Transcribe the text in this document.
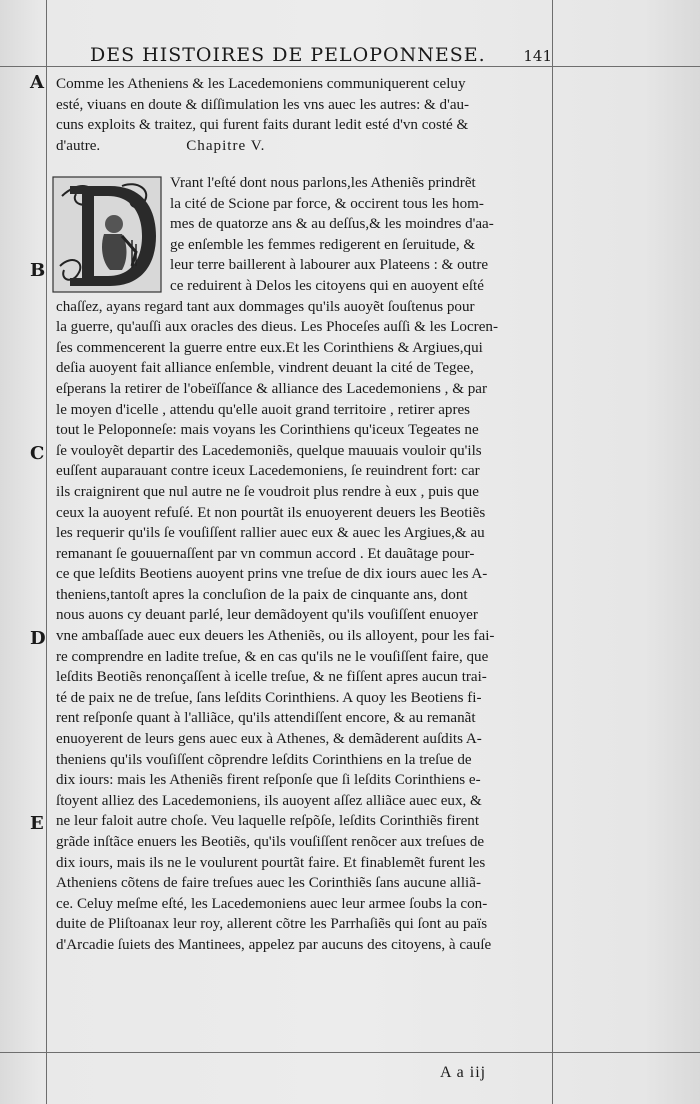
DES HISTOIRES DE PELOPONNESE.	141
A
B
C
D
E
Comme les Atheniens & les Lacedemoniens communiquerent celuy
esté, viuans en doute & diſſimulation les vns auec les autres: & d'au-
cuns exploits & traitez, qui furent faits durant ledit esté d'vn costé &
d'autre.	Chapitre V.
Vrant l'eſté dont nous parlons,les Atheniẽs prindrẽt
la cité de Scione par force, & occirent tous les hom-
mes de quatorze ans & au deſſus,& les moindres d'aa-
ge enſemble les femmes redigerent en ſeruitude, &
leur terre baillerent à labourer aux Plateens : & outre
ce reduirent à Delos les citoyens qui en auoyent eſté
chaſſez, ayans regard tant aux dommages qu'ils auoyẽt ſouſtenus pour
la guerre, qu'auſſi aux oracles des dieus. Les Phoceſes auſſi & les Locren-
ſes commencerent la guerre entre eux.Et les Corinthiens & Argiues,qui
deſia auoyent fait alliance enſemble, vindrent deuant la cité de Tegee,
eſperans la retirer de l'obeïſſance & alliance des Lacedemoniens , & par
le moyen d'icelle , attendu qu'elle auoit grand territoire , retirer apres
tout le Peloponneſe: mais voyans les Corinthiens qu'iceux Tegeates ne
ſe vouloyẽt departir des Lacedemoniẽs, quelque mauuais vouloir qu'ils
euſſent auparauant contre iceux Lacedemoniens, ſe reuindrent fort: car
ils craignirent que nul autre ne ſe voudroit plus rendre à eux , puis que
ceux la auoyent refuſé. Et non pourtãt ils enuoyerent deuers les Beotiẽs
les requerir qu'ils ſe vouſiſſent rallier auec eux & auec les Argiues,& au
remanant ſe gouuernaſſent par vn commun accord . Et dauãtage pour-
ce que leſdits Beotiens auoyent prins vne treſue de dix iours auec les A-
theniens,tantoſt apres la concluſion de la paix de cinquante ans, dont
nous auons cy deuant parlé, leur demãdoyent qu'ils vouſiſſent enuoyer
vne ambaſſade auec eux deuers les Atheniẽs, ou ils alloyent, pour les fai-
re comprendre en ladite treſue, & en cas qu'ils ne le vouſiſſent faire, que
leſdits Beotiẽs renonçaſſent à icelle treſue, & ne fiſſent apres aucun trai-
té de paix ne de treſue, ſans leſdits Corinthiens. A quoy les Beotiens fi-
rent reſponſe quant à l'alliãce, qu'ils attendiſſent encore, & au remanãt
enuoyerent de leurs gens auec eux à Athenes, & demãderent auſdits A-
theniens qu'ils vouſiſſent cõprendre leſdits Corinthiens en la treſue de
dix iours: mais les Atheniẽs firent reſponſe que ſi leſdits Corinthiens e-
ſtoyent alliez des Lacedemoniens, ils auoyent aſſez alliãce auec eux, &
ne leur faloit autre choſe. Veu laquelle reſpõſe, leſdits Corinthiẽs firent
grãde inſtãce enuers les Beotiẽs, qu'ils vouſiſſent renõcer aux treſues de
dix iours, mais ils ne le voulurent pourtãt faire. Et finablemẽt furent les
Atheniens cõtens de faire treſues auec les Corinthiẽs ſans aucune alliã-
ce. Celuy meſme eſté, les Lacedemoniens auec leur armee ſoubs la con-
duite de Pliſtoanax leur roy, allerent cõtre les Parrhaſiẽs qui ſont au païs
d'Arcadie ſuiets des Mantinees, appelez par aucuns des citoyens, à cauſe
A a iij
